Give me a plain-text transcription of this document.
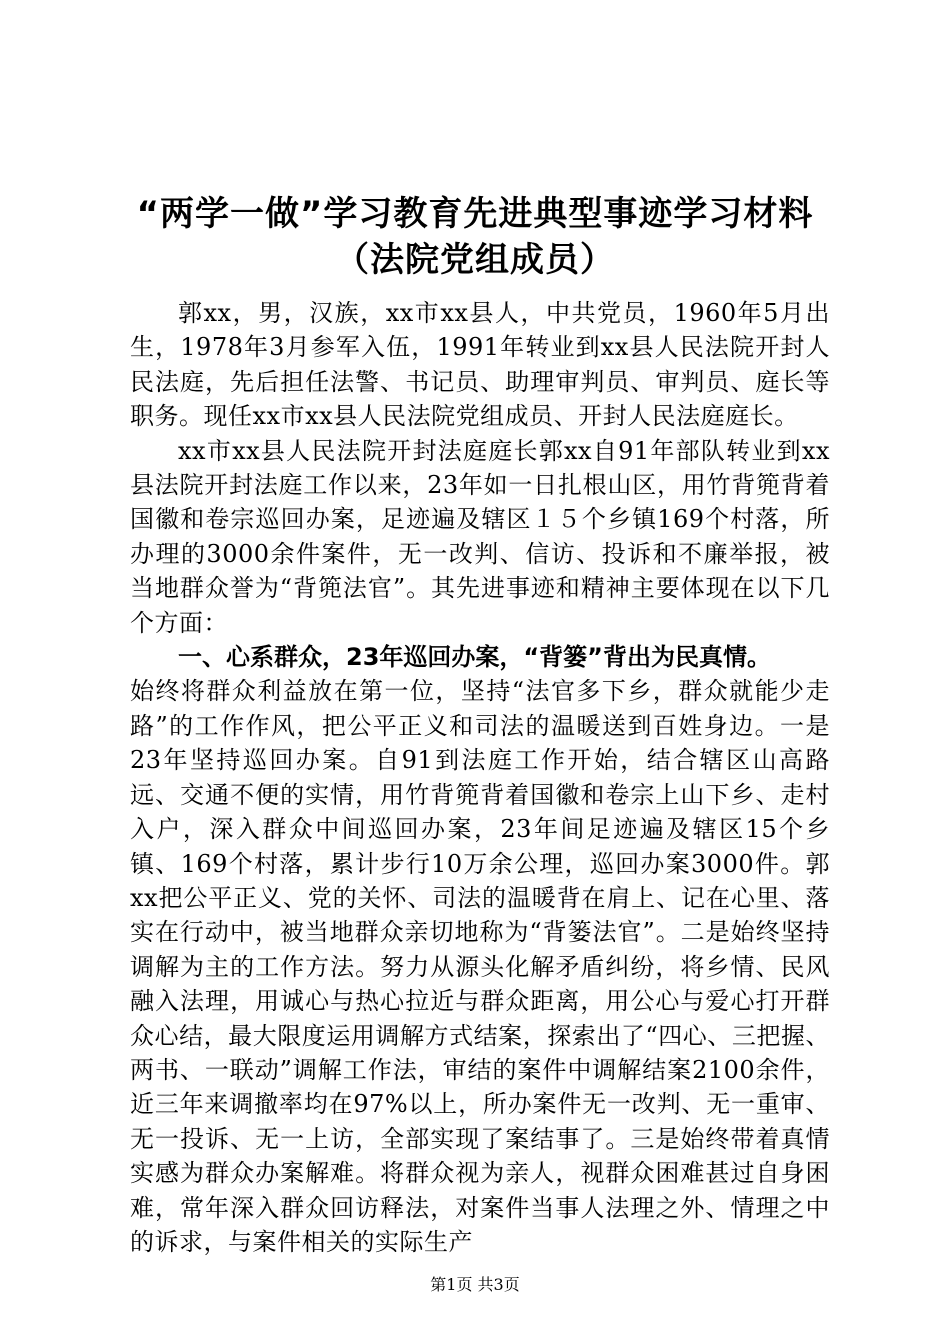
“两学一做”学习教育先进典型事迹学习材料
（法院党组成员）

郭xx，男，汉族，xx市xx县人，中共党员，1960年5月出生，1978年3月参军入伍，1991年转业到xx县人民法院开封人民法庭，先后担任法警、书记员、助理审判员、审判员、庭长等职务。现任xx市xx县人民法院党组成员、开封人民法庭庭长。

xx市xx县人民法院开封法庭庭长郭xx自91年部队转业到xx县法院开封法庭工作以来，23年如一日扎根山区，用竹背篼背着国徽和卷宗巡回办案，足迹遍及辖区１５个乡镇169个村落，所办理的3000余件案件，无一改判、信访、投诉和不廉举报，被当地群众誉为“背篼法官”。其先进事迹和精神主要体现在以下几个方面：

一、心系群众，23年巡回办案，“背篓”背出为民真情。

始终将群众利益放在第一位，坚持“法官多下乡，群众就能少走路”的工作作风，把公平正义和司法的温暖送到百姓身边。一是23年坚持巡回办案。自91到法庭工作开始，结合辖区山高路远、交通不便的实情，用竹背篼背着国徽和卷宗上山下乡、走村入户，深入群众中间巡回办案，23年间足迹遍及辖区15个乡镇、169个村落，累计步行10万余公理，巡回办案3000件。郭xx把公平正义、党的关怀、司法的温暖背在肩上、记在心里、落实在行动中，被当地群众亲切地称为“背篓法官”。二是始终坚持调解为主的工作方法。努力从源头化解矛盾纠纷，将乡情、民风融入法理，用诚心与热心拉近与群众距离，用公心与爱心打开群众心结，最大限度运用调解方式结案，探索出了“四心、三把握、两书、一联动”调解工作法，审结的案件中调解结案2100余件，近三年来调撤率均在97%以上，所办案件无一改判、无一重审、无一投诉、无一上访，全部实现了案结事了。三是始终带着真情实感为群众办案解难。将群众视为亲人，视群众困难甚过自身困难，常年深入群众回访释法，对案件当事人法理之外、情理之中的诉求，与案件相关的实际生产

第1页 共3页
